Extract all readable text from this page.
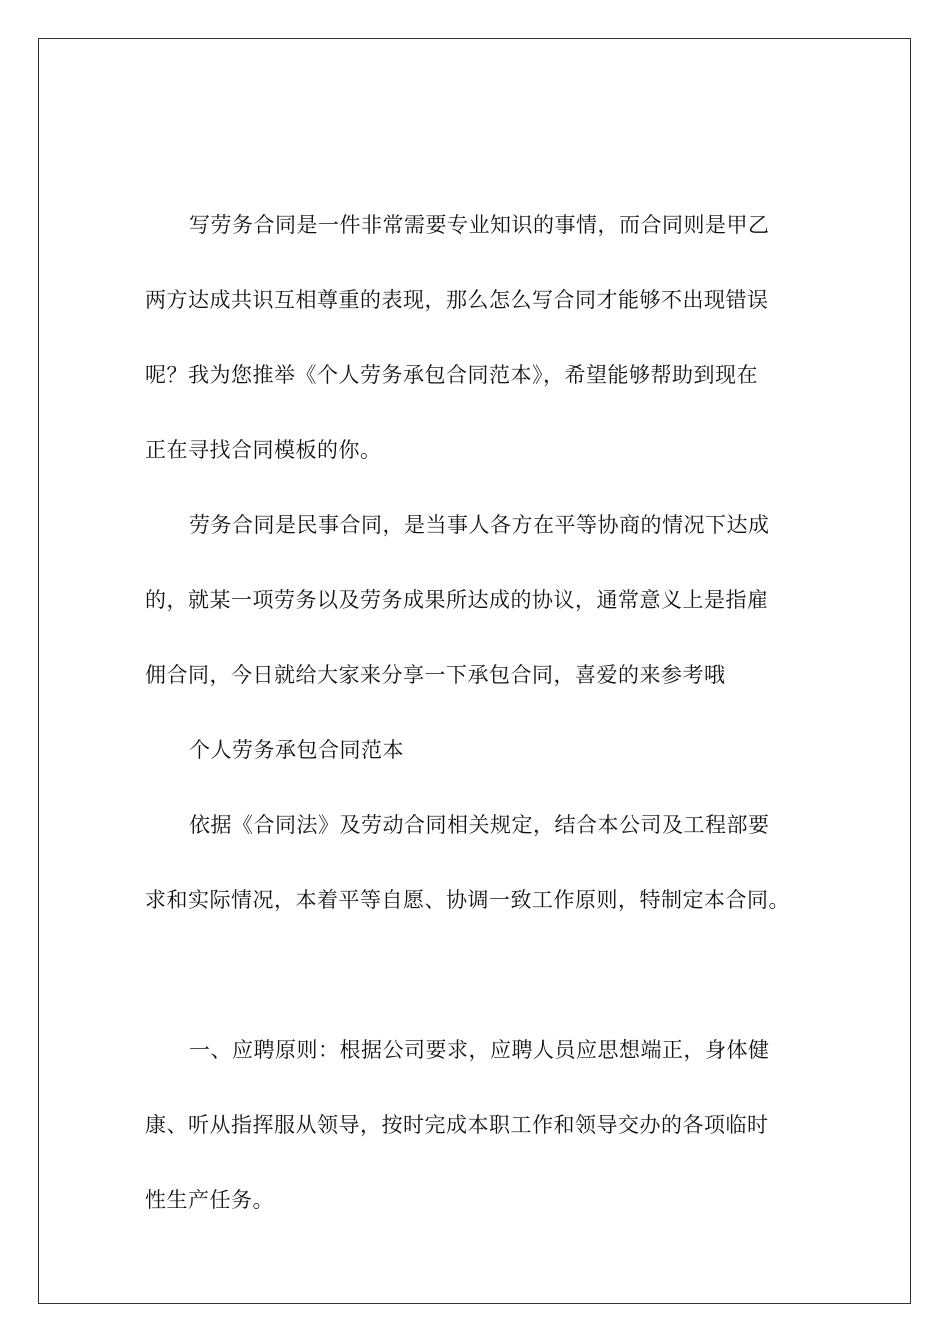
写劳务合同是一件非常需要专业知识的事情，而合同则是甲乙
两方达成共识互相尊重的表现，那么怎么写合同才能够不出现错误
呢？我为您推举《个人劳务承包合同范本》，希望能够帮助到现在
正在寻找合同模板的你。
劳务合同是民事合同，是当事人各方在平等协商的情况下达成
的，就某一项劳务以及劳务成果所达成的协议，通常意义上是指雇
佣合同，今日就给大家来分享一下承包合同，喜爱的来参考哦
个人劳务承包合同范本
依据《合同法》及劳动合同相关规定，结合本公司及工程部要
求和实际情况，本着平等自愿、协调一致工作原则，特制定本合同。
一、应聘原则：根据公司要求，应聘人员应思想端正，身体健
康、听从指挥服从领导，按时完成本职工作和领导交办的各项临时
性生产任务。
